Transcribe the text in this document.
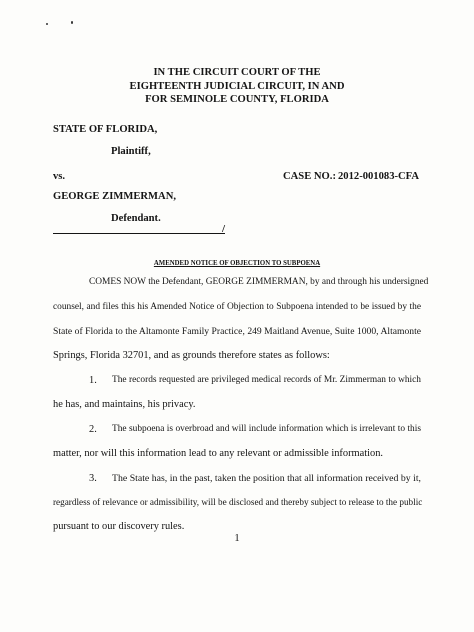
IN THE CIRCUIT COURT OF THE
EIGHTEENTH JUDICIAL CIRCUIT, IN AND
FOR SEMINOLE COUNTY, FLORIDA
STATE OF FLORIDA,
Plaintiff,
vs.	CASE NO.: 2012-001083-CFA
GEORGE ZIMMERMAN,
Defendant.
/
AMENDED NOTICE OF OBJECTION TO SUBPOENA
COMES NOW the Defendant, GEORGE ZIMMERMAN, by and through his undersigned
counsel, and files this his Amended Notice of Objection to Subpoena intended to be issued by the
State of Florida to the Altamonte Family Practice, 249 Maitland Avenue, Suite 1000, Altamonte
Springs, Florida 32701, and as grounds therefore states as follows:
1. The records requested are privileged medical records of Mr. Zimmerman to which
he has, and maintains, his privacy.
2. The subpoena is overbroad and will include information which is irrelevant to this
matter, nor will this information lead to any relevant or admissible information.
3. The State has, in the past, taken the position that all information received by it,
regardless of relevance or admissibility, will be disclosed and thereby subject to release to the public
pursuant to our discovery rules.
1
